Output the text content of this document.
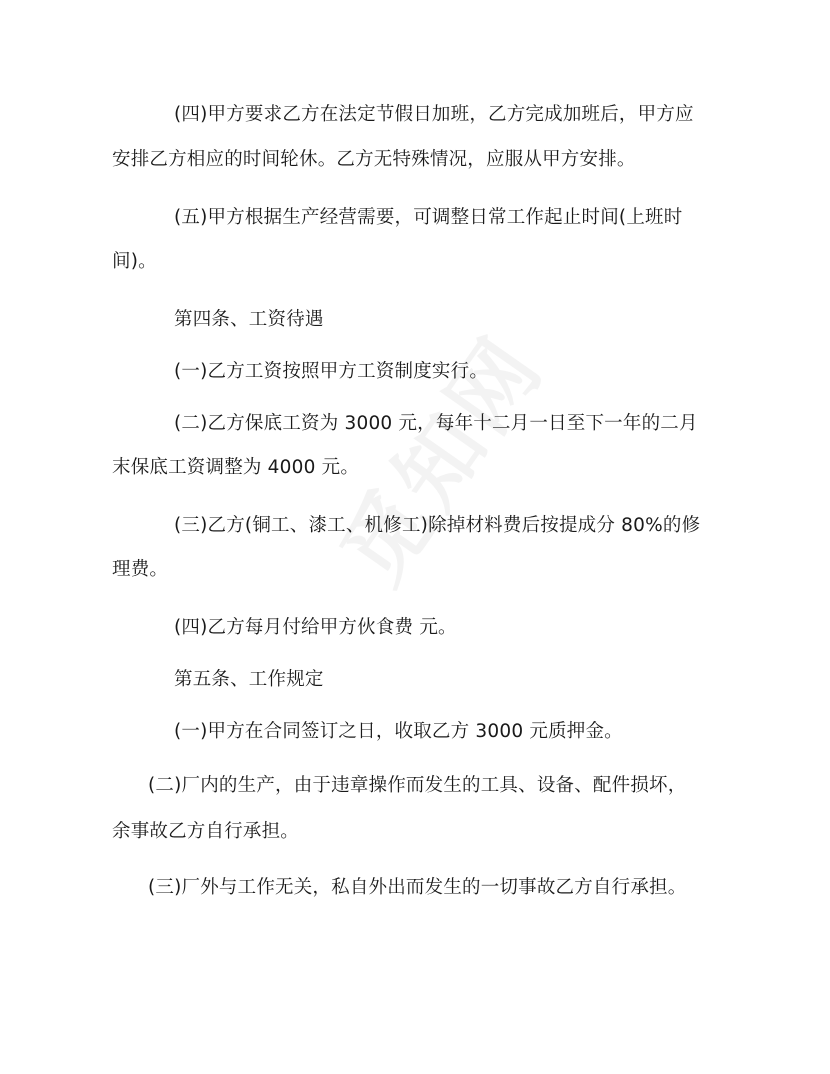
(四)甲方要求乙方在法定节假日加班，乙方完成加班后，甲方应
安排乙方相应的时间轮休。乙方无特殊情况，应服从甲方安排。
(五)甲方根据生产经营需要，可调整日常工作起止时间(上班时
间)。
第四条、工资待遇
(一)乙方工资按照甲方工资制度实行。
(二)乙方保底工资为 3000 元，每年十二月一日至下一年的二月
末保底工资调整为 4000 元。
(三)乙方(铜工、漆工、机修工)除掉材料费后按提成分 80%的修
理费。
(四)乙方每月付给甲方伙食费 元。
第五条、工作规定
(一)甲方在合同签订之日，收取乙方 3000 元质押金。
(二)厂内的生产，由于违章操作而发生的工具、设备、配件损坏，
余事故乙方自行承担。
(三)厂外与工作无关，私自外出而发生的一切事故乙方自行承担。
